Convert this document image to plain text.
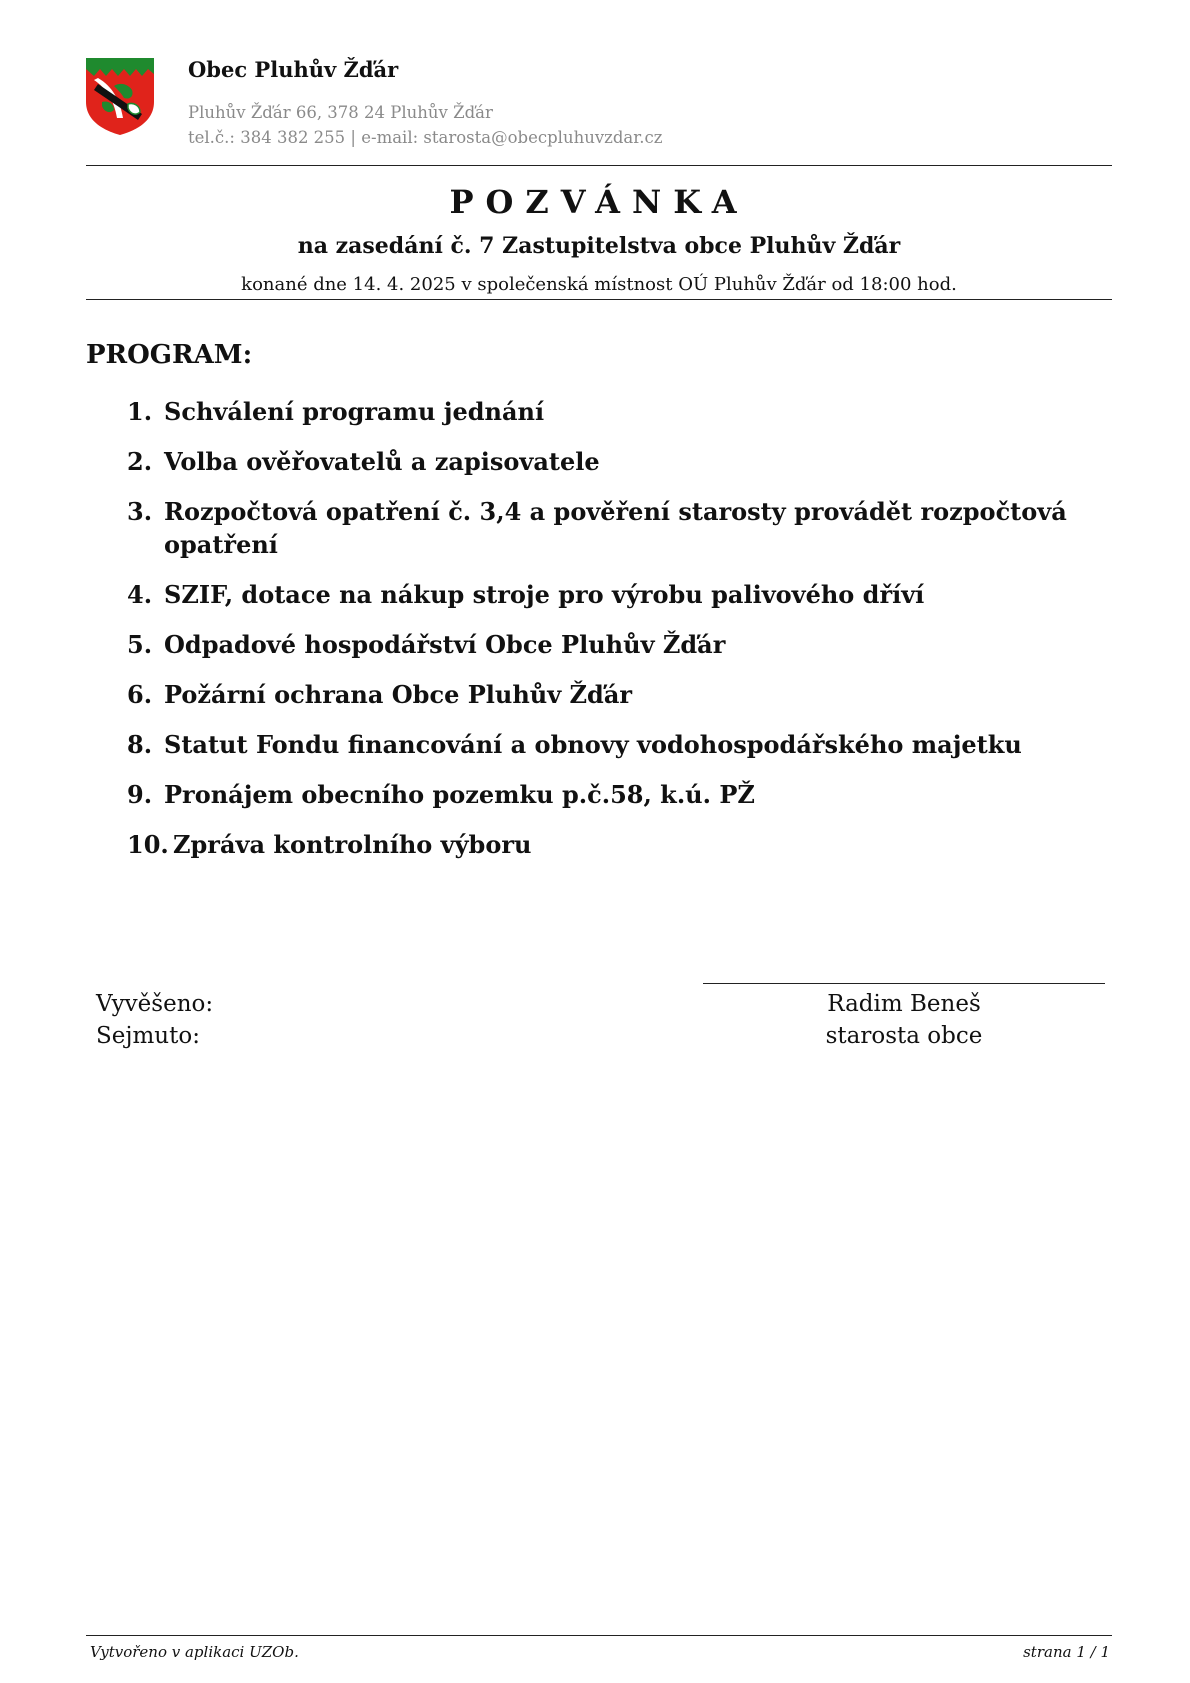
Obec Pluhův Žďár
Pluhův Žďár 66, 378 24 Pluhův Žďár
tel.č.: 384 382 255 | e-mail: starosta@obecpluhuvzdar.cz
POZVÁNKA
na zasedání č. 7 Zastupitelstva obce Pluhův Žďár
konané dne 14. 4. 2025 v společenská místnost OÚ Pluhův Žďár od 18:00 hod.
PROGRAM:
1. Schválení programu jednání
2. Volba ověřovatelů a zapisovatele
3. Rozpočtová opatření č. 3,4 a pověření starosty provádět rozpočtová opatření
4. SZIF, dotace na nákup stroje pro výrobu palivového dříví
5. Odpadové hospodářství Obce Pluhův Žďár
6. Požární ochrana Obce Pluhův Žďár
8. Statut Fondu financování a obnovy vodohospodářského majetku
9. Pronájem obecního pozemku p.č.58, k.ú. PŽ
10. Zpráva kontrolního výboru
Vyvěšeno:
Sejmuto:
Radim Beneš
starosta obce
Vytvořeno v aplikaci UZOb.	strana 1 / 1
